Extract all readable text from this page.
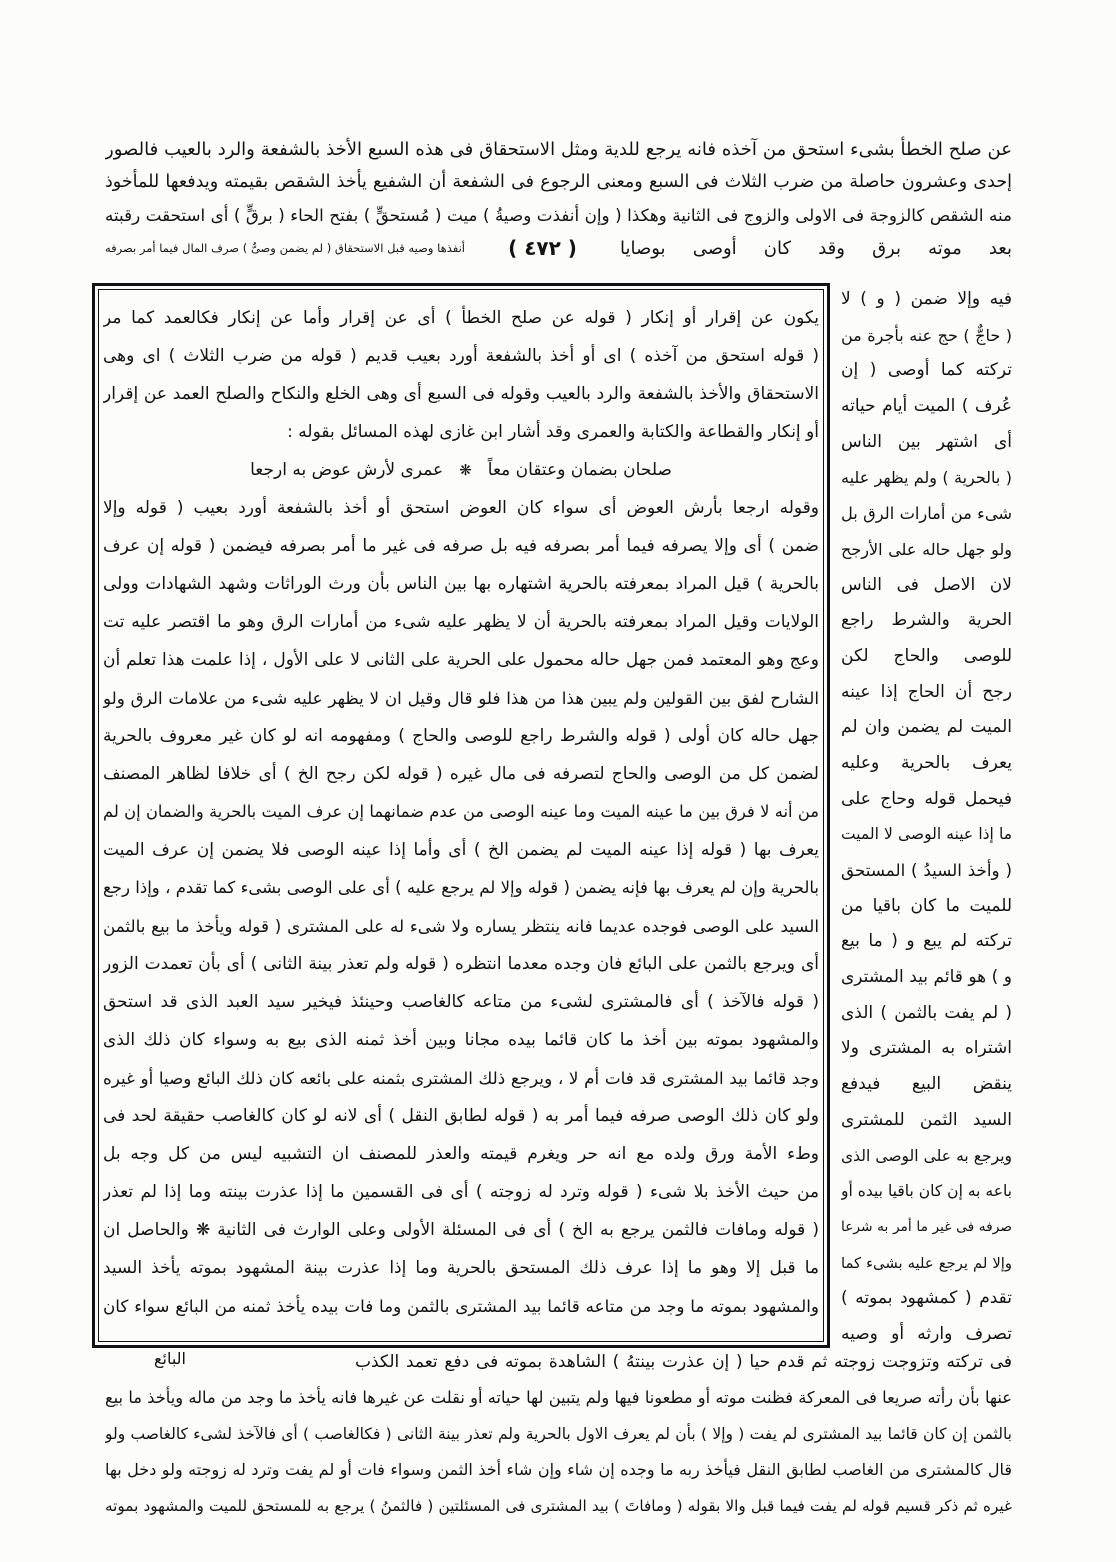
عن صلح الخطأ بشىء استحق من آخذه فانه يرجع للدية ومثل الاستحقاق فى هذه السبع الأخذ بالشفعة والرد بالعيب فالصور
إحدى وعشرون حاصلة من ضرب الثلاث فى السبع ومعنى الرجوع فى الشفعة أن الشفيع يأخذ الشقص بقيمته ويدفعها للمأخوذ
منه الشقص كالزوجة فى الاولى والزوج فى الثانية وهكذا ( وإن أنفذت وصيةُ ) ميت ( مُستحقٍّ ) بفتح الحاء ( برقٍّ ) أى استحقت رقبته
بعد موته برق وقد كان أوصى بوصايا
( ٤٧٢ )
أنفذها وصيه قبل الاستحقاق ( لم يضمن وصىٌّ ) صرف المال فيما أمر بصرفه
يكون عن إقرار أو إنكار ( قوله عن صلح الخطأ ) أى عن إقرار وأما عن إنكار فكالعمد كما مر
( قوله استحق من آخذه ) اى أو أخذ بالشفعة أورد بعيب قديم ( قوله من ضرب الثلاث ) اى وهى
الاستحقاق والأخذ بالشفعة والرد بالعيب وقوله فى السبع أى وهى الخلع والنكاح والصلح العمد عن إقرار
أو إنكار والقطاعة والكتابة والعمرى وقد أشار ابن غازى لهذه المسائل بقوله :
صلحان بضمان وعتقان معاً
❋
عمرى لأرش عوض به ارجعا
وقوله ارجعا بأرش العوض أى سواء كان العوض استحق أو أخذ بالشفعة أورد بعيب ( قوله وإلا
ضمن ) أى وإلا يصرفه فيما أمر بصرفه فيه بل صرفه فى غير ما أمر بصرفه فيضمن ( قوله إن عرف
بالحرية ) قيل المراد بمعرفته بالحرية اشتهاره بها بين الناس بأن ورث الوراثات وشهد الشهادات وولى
الولايات وقيل المراد بمعرفته بالحرية أن لا يظهر عليه شىء من أمارات الرق وهو ما اقتصر عليه تت
وعج وهو المعتمد فمن جهل حاله محمول على الحرية على الثانى لا على الأول ، إذا علمت هذا تعلم أن
الشارح لفق بين القولين ولم يبين هذا من هذا فلو قال وقيل ان لا يظهر عليه شىء من علامات الرق ولو
جهل حاله كان أولى ( قوله والشرط راجع للوصى والحاج ) ومفهومه انه لو كان غير معروف بالحرية
لضمن كل من الوصى والحاج لتصرفه فى مال غيره ( قوله لكن رجح الخ ) أى خلافا لظاهر المصنف
من أنه لا فرق بين ما عينه الميت وما عينه الوصى من عدم ضمانهما إن عرف الميت بالحرية والضمان إن لم
يعرف بها ( قوله إذا عينه الميت لم يضمن الخ ) أى وأما إذا عينه الوصى فلا يضمن إن عرف الميت
بالحرية وإن لم يعرف بها فإنه يضمن ( قوله وإلا لم يرجع عليه ) أى على الوصى بشىء كما تقدم ، وإذا رجع
السيد على الوصى فوجده عديما فانه ينتظر يساره ولا شىء له على المشترى ( قوله ويأخذ ما بيع بالثمن
أى ويرجع بالثمن على البائع فان وجده معدما انتظره ( قوله ولم تعذر بينة الثانى ) أى بأن تعمدت الزور
( قوله فالآخذ ) أى فالمشترى لشىء من متاعه كالغاصب وحينئذ فيخير سيد العبد الذى قد استحق
والمشهود بموته بين أخذ ما كان قائما بيده مجانا وبين أخذ ثمنه الذى بيع به وسواء كان ذلك الذى
وجد قائما بيد المشترى قد فات أم لا ، ويرجع ذلك المشترى بثمنه على بائعه كان ذلك البائع وصيا أو غيره
ولو كان ذلك الوصى صرفه فيما أمر به ( قوله لطابق النقل ) أى لانه لو كان كالغاصب حقيقة لحد فى
وطء الأمة ورق ولده مع انه حر ويغرم قيمته والعذر للمصنف ان التشبيه ليس من كل وجه بل
من حيث الأخذ بلا شىء ( قوله وترد له زوجته ) أى فى القسمين ما إذا عذرت بينته وما إذا لم تعذر
( قوله ومافات فالثمن يرجع به الخ ) أى فى المسئلة الأولى وعلى الوارث فى الثانية ❋ والحاصل ان
ما قبل إلا وهو ما إذا عرف ذلك المستحق بالحرية وما إذا عذرت بينة المشهود بموته يأخذ السيد
والمشهود بموته ما وجد من متاعه قائما بيد المشترى بالثمن وما فات بيده يأخذ ثمنه من البائع سواء كان
فيه وإلا ضمن ( و ) لا
( حاجٌّ ) حج عنه بأجرة من
تركته كما أوصى ( إن
عُرف ) الميت أيام حياته
أى اشتهر بين الناس
( بالحرية ) ولم يظهر عليه
شىء من أمارات الرق بل
ولو جهل حاله على الأرجح
لان الاصل فى الناس
الحرية والشرط راجع
للوصى والحاج لكن
رجح أن الحاج إذا عينه
الميت لم يضمن وان لم
يعرف بالحرية وعليه
فيحمل قوله وحاج على
ما إذا عينه الوصى لا الميت
( وأخذ السيدُ ) المستحق
للميت ما كان باقيا من
تركته لم يبع و ( ما بيع
و ) هو قائم بيد المشترى
( لم يفت بالثمن ) الذى
اشتراه به المشترى ولا
ينقض البيع فيدفع
السيد الثمن للمشترى
ويرجع به على الوصى الذى
باعه به إن كان باقيا بيده أو
صرفه فى غير ما أمر به شرعا
وإلا لم يرجع عليه بشىء كما
تقدم ( كمشهود بموته )
تصرف وارثه أو وصيه
فى تركته وتزوجت زوجته ثم قدم حيا ( إن عذرت بينتهُ ) الشاهدة بموته فى دفع تعمد الكذب
البائع
عنها بأن رأته صريعا فى المعركة فظنت موته أو مطعونا فيها ولم يتبين لها حياته أو نقلت عن غيرها فانه يأخذ ما وجد من ماله ويأخذ ما بيع
بالثمن إن كان قائما بيد المشترى لم يفت ( وإلا ) بأن لم يعرف الاول بالحرية ولم تعذر بينة الثانى ( فكالغاصب ) أى فالآخذ لشىء كالغاصب ولو
قال كالمشترى من الغاصب لطابق النقل فيأخذ ربه ما وجده إن شاء وإن شاء أخذ الثمن وسواء فات أو لم يفت وترد له زوجته ولو دخل بها
غيره ثم ذكر قسيم قوله لم يفت فيما قبل والا بقوله ( ومافاتَ ) بيد المشترى فى المسئلتين ( فالثمنُ ) يرجع به للمستحق للميت والمشهود بموته
